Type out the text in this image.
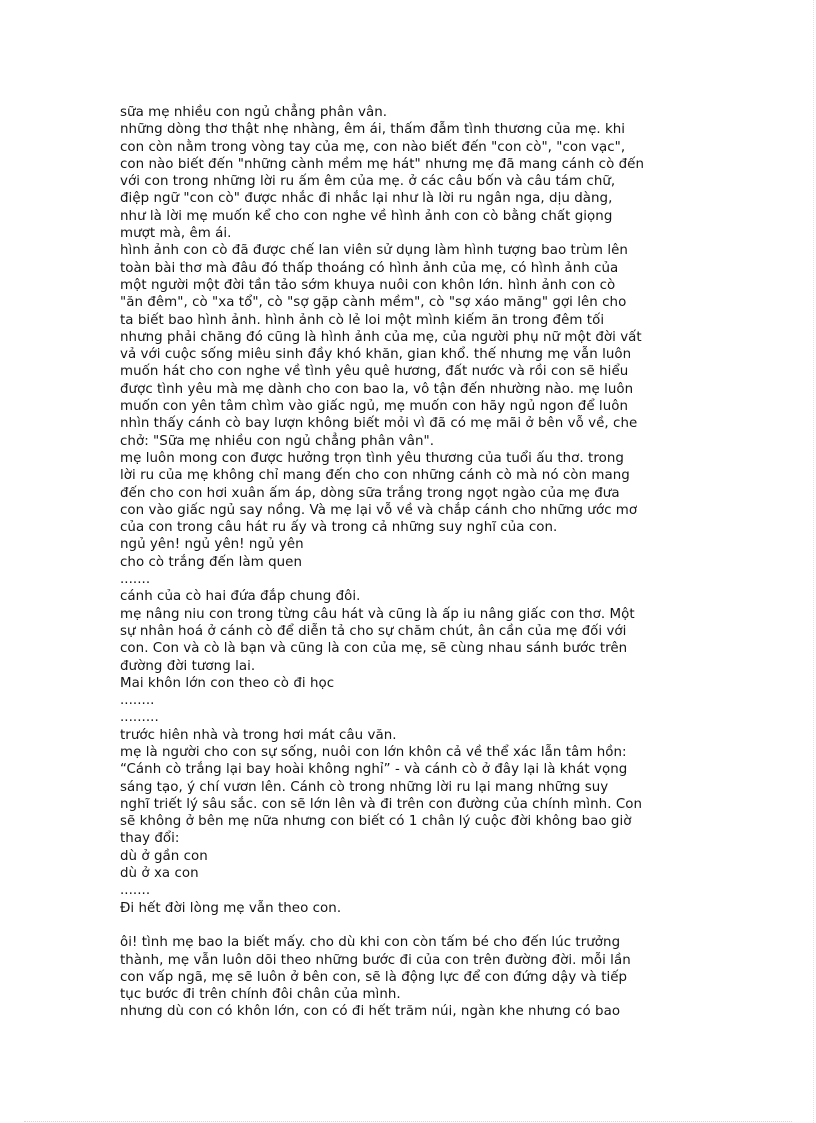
sữa mẹ nhiều con ngủ chẳng phân vân.
những dòng thơ thật nhẹ nhàng, êm ái, thấm đẫm tình thương của mẹ. khi
con còn nằm trong vòng tay của mẹ, con nào biết đến "con cò", "con vạc",
con nào biết đến "những cành mềm mẹ hát" nhưng mẹ đã mang cánh cò đến
với con trong những lời ru ấm êm của mẹ. ở các câu bốn và câu tám chữ,
điệp ngữ "con cò" được nhắc đi nhắc lại như là lời ru ngân nga, dịu dàng,
như là lời mẹ muốn kể cho con nghe về hình ảnh con cò bằng chất giọng
mượt mà, êm ái.
hình ảnh con cò đã được chế lan viên sử dụng làm hình tượng bao trùm lên
toàn bài thơ mà đâu đó thấp thoáng có hình ảnh của mẹ, có hình ảnh của
một người một đời tần tảo sớm khuya nuôi con khôn lớn. hình ảnh con cò
"ăn đêm", cò "xa tổ", cò "sợ gặp cành mềm", cò "sợ xáo măng" gợi lên cho
ta biết bao hình ảnh. hình ảnh cò lẻ loi một mình kiếm ăn trong đêm tối
nhưng phải chăng đó cũng là hình ảnh của mẹ, của người phụ nữ một đời vất
vả với cuộc sống miêu sinh đầy khó khăn, gian khổ. thế nhưng mẹ vẫn luôn
muốn hát cho con nghe về tình yêu quê hương, đất nước và rồi con sẽ hiểu
được tình yêu mà mẹ dành cho con bao la, vô tận đến nhường nào. mẹ luôn
muốn con yên tâm chìm vào giấc ngủ, mẹ muốn con hãy ngủ ngon để luôn
nhìn thấy cánh cò bay lượn không biết mỏi vì đã có mẹ mãi ở bên vỗ về, che
chở: "Sữa mẹ nhiều con ngủ chẳng phân vân".
mẹ luôn mong con được hưởng trọn tình yêu thương của tuổi ấu thơ. trong
lời ru của mẹ không chỉ mang đến cho con những cánh cò mà nó còn mang
đến cho con hơi xuân ấm áp, dòng sữa trắng trong ngọt ngào của mẹ đưa
con vào giấc ngủ say nồng. Và mẹ lại vỗ về và chắp cánh cho những ước mơ
của con trong câu hát ru ấy và trong cả những suy nghĩ của con.
ngủ yên! ngủ yên! ngủ yên
cho cò trắng đến làm quen
.......
cánh của cò hai đứa đắp chung đôi.
mẹ nâng niu con trong từng câu hát và cũng là ấp iu nâng giấc con thơ. Một
sự nhân hoá ở cánh cò để diễn tả cho sự chăm chút, ân cần của mẹ đối với
con. Con và cò là bạn và cũng là con của mẹ, sẽ cùng nhau sánh bước trên
đường đời tương lai.
Mai khôn lớn con theo cò đi học
........
.........
trước hiên nhà và trong hơi mát câu văn.
mẹ là người cho con sự sống, nuôi con lớn khôn cả về thể xác lẫn tâm hồn:
“Cánh cò trắng lại bay hoài không nghỉ” - và cánh cò ở đây lại là khát vọng
sáng tạo, ý chí vươn lên. Cánh cò trong những lời ru lại mang những suy
nghĩ triết lý sâu sắc. con sẽ lớn lên và đi trên con đường của chính mình. Con
sẽ không ở bên mẹ nữa nhưng con biết có 1 chân lý cuộc đời không bao giờ
thay đổi:
dù ở gần con
dù ở xa con
.......
Đi hết đời lòng mẹ vẫn theo con.
ôi! tình mẹ bao la biết mấy. cho dù khi con còn tấm bé cho đến lúc trưởng
thành, mẹ vẫn luôn dõi theo những bước đi của con trên đường đời. mỗi lần
con vấp ngã, mẹ sẽ luôn ở bên con, sẽ là động lực để con đứng dậy và tiếp
tục bước đi trên chính đôi chân của mình.
nhưng dù con có khôn lớn, con có đi hết trăm núi, ngàn khe nhưng có bao
